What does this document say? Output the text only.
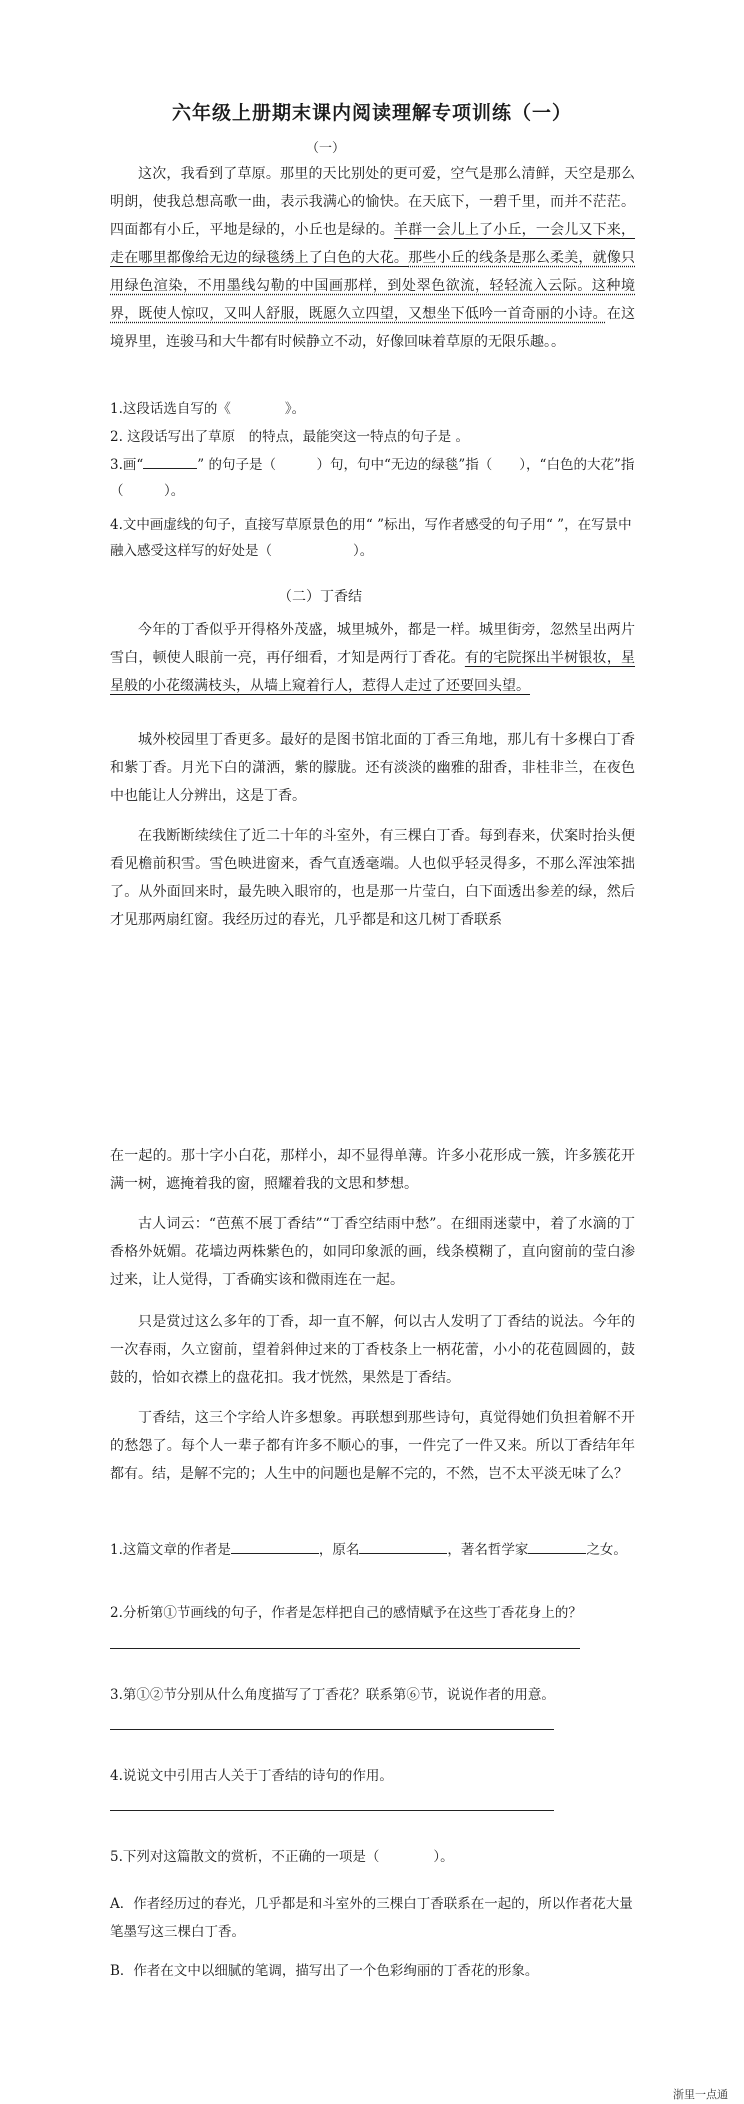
六年级上册期末课内阅读理解专项训练（一）
（一）

这次，我看到了草原。那里的天比别处的更可爱，空气是那么清鲜，天空是那么明朗，使我总想高歌一曲，表示我满心的愉快。在天底下，一碧千里，而并不茫茫。四面都有小丘，平地是绿的，小丘也是绿的。羊群一会儿上了小丘，一会儿又下来，走在哪里都像给无边的绿毯绣上了白色的大花。那些小丘的线条是那么柔美，就像只用绿色渲染，不用墨线勾勒的中国画那样，到处翠色欲流，轻轻流入云际。这种境界，既使人惊叹，又叫人舒服，既愿久立四望，又想坐下低吟一首奇丽的小诗。在这境界里，连骏马和大牛都有时候静立不动，好像回味着草原的无限乐趣。。

1.这段话选自写的《　　　　》。

2. 这段话写出了草原　的特点，最能突这一特点的句子是 。

3.画“	” 的句子是（　　　）句，句中“无边的绿毯”指（　　），“白色的大花”指（　　　）。

4.文中画虚线的句子，直接写草原景色的用“ ”标出，写作者感受的句子用“ ”，在写景中融入感受这样写的好处是（　　　　　　）。

（二）丁香结

今年的丁香似乎开得格外茂盛，城里城外，都是一样。城里街旁，忽然呈出两片雪白，顿使人眼前一亮，再仔细看，才知是两行丁香花。有的宅院探出半树银妆，星星般的小花缀满枝头，从墙上窥着行人，惹得人走过了还要回头望。

城外校园里丁香更多。最好的是图书馆北面的丁香三角地，那儿有十多棵白丁香和紫丁香。月光下白的潇洒，紫的朦胧。还有淡淡的幽雅的甜香，非桂非兰，在夜色中也能让人分辨出，这是丁香。

在我断断续续住了近二十年的斗室外，有三棵白丁香。每到春来，伏案时抬头便看见檐前积雪。雪色映进窗来，香气直透毫端。人也似乎轻灵得多，不那么浑浊笨拙了。从外面回来时，最先映入眼帘的，也是那一片莹白，白下面透出参差的绿，然后才见那两扇红窗。我经历过的春光，几乎都是和这几树丁香联系

在一起的。那十字小白花，那样小，却不显得单薄。许多小花形成一簇，许多簇花开满一树，遮掩着我的窗，照耀着我的文思和梦想。

古人词云：“芭蕉不展丁香结”“丁香空结雨中愁”。在细雨迷蒙中，着了水滴的丁香格外妩媚。花墙边两株紫色的，如同印象派的画，线条模糊了，直向窗前的莹白渗过来，让人觉得，丁香确实该和微雨连在一起。

只是赏过这么多年的丁香，却一直不解，何以古人发明了丁香结的说法。今年的一次春雨，久立窗前，望着斜伸过来的丁香枝条上一柄花蕾，小小的花苞圆圆的，鼓鼓的，恰如衣襟上的盘花扣。我才恍然，果然是丁香结。

丁香结，这三个字给人许多想象。再联想到那些诗句，真觉得她们负担着解不开的愁怨了。每个人一辈子都有许多不顺心的事，一件完了一件又来。所以丁香结年年都有。结，是解不完的；人生中的问题也是解不完的，不然，岂不太平淡无味了么？

1.这篇文章的作者是	，原名	，著名哲学家	之女。

2.分析第①节画线的句子，作者是怎样把自己的感情赋予在这些丁香花身上的？

3.第①②节分别从什么角度描写了丁香花？联系第⑥节，说说作者的用意。

4.说说文中引用古人关于丁香结的诗句的作用。

5.下列对这篇散文的赏析，不正确的一项是（　　　　）。

A．作者经历过的春光，几乎都是和斗室外的三棵白丁香联系在一起的，所以作者花大量笔墨写这三棵白丁香。

B．作者在文中以细腻的笔调，描写出了一个色彩绚丽的丁香花的形象。

浙里一点通
